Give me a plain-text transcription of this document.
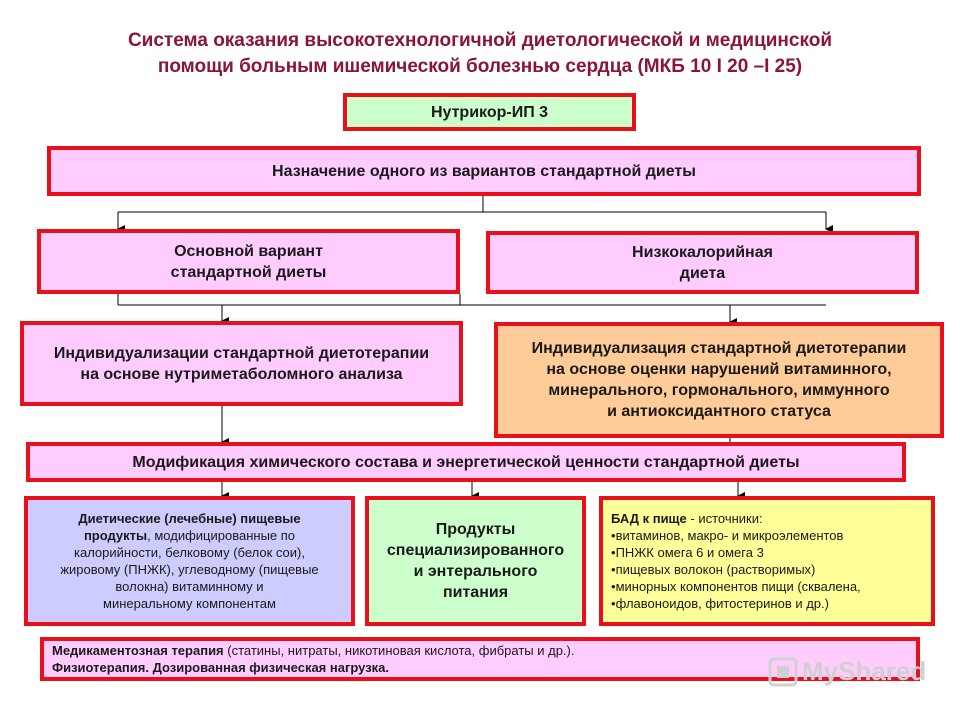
Система оказания высокотехнологичной диетологической и медицинской
помощи больным ишемической болезнью сердца (МКБ 10 I 20 –I 25)
Нутрикор-ИП 3
Назначение одного из вариантов стандартной диеты
Основной вариант
стандартной диеты
Низкокалорийная
диета
Индивидуализации стандартной диетотерапии
на основе нутриметаболомного анализа
Индивидуализация стандартной диетотерапии
на основе оценки нарушений витаминного,
минерального, гормонального, иммунного
и антиоксидантного статуса
Модификация химического состава и энергетической ценности стандартной диеты
Диетические (лечебные) пищевые
продукты, модифицированные по
калорийности, белковому (белок сои),
жировому (ПНЖК), углеводному (пищевые
волокна) витаминному и
минеральному компонентам
Продукты
специализированного
и энтерального
питания
БАД к пище - источники:
• витаминов, макро- и микроэлементов
• ПНЖК омега 6 и омега 3
• пищевых волокон (растворимых)
• минорных компонентов пищи (сквалена,
• флавоноидов, фитостеринов и др.)
Медикаментозная терапия (статины, нитраты, никотиновая кислота, фибраты и др.).
Физиотерапия. Дозированная физическая нагрузка.	MyShared
